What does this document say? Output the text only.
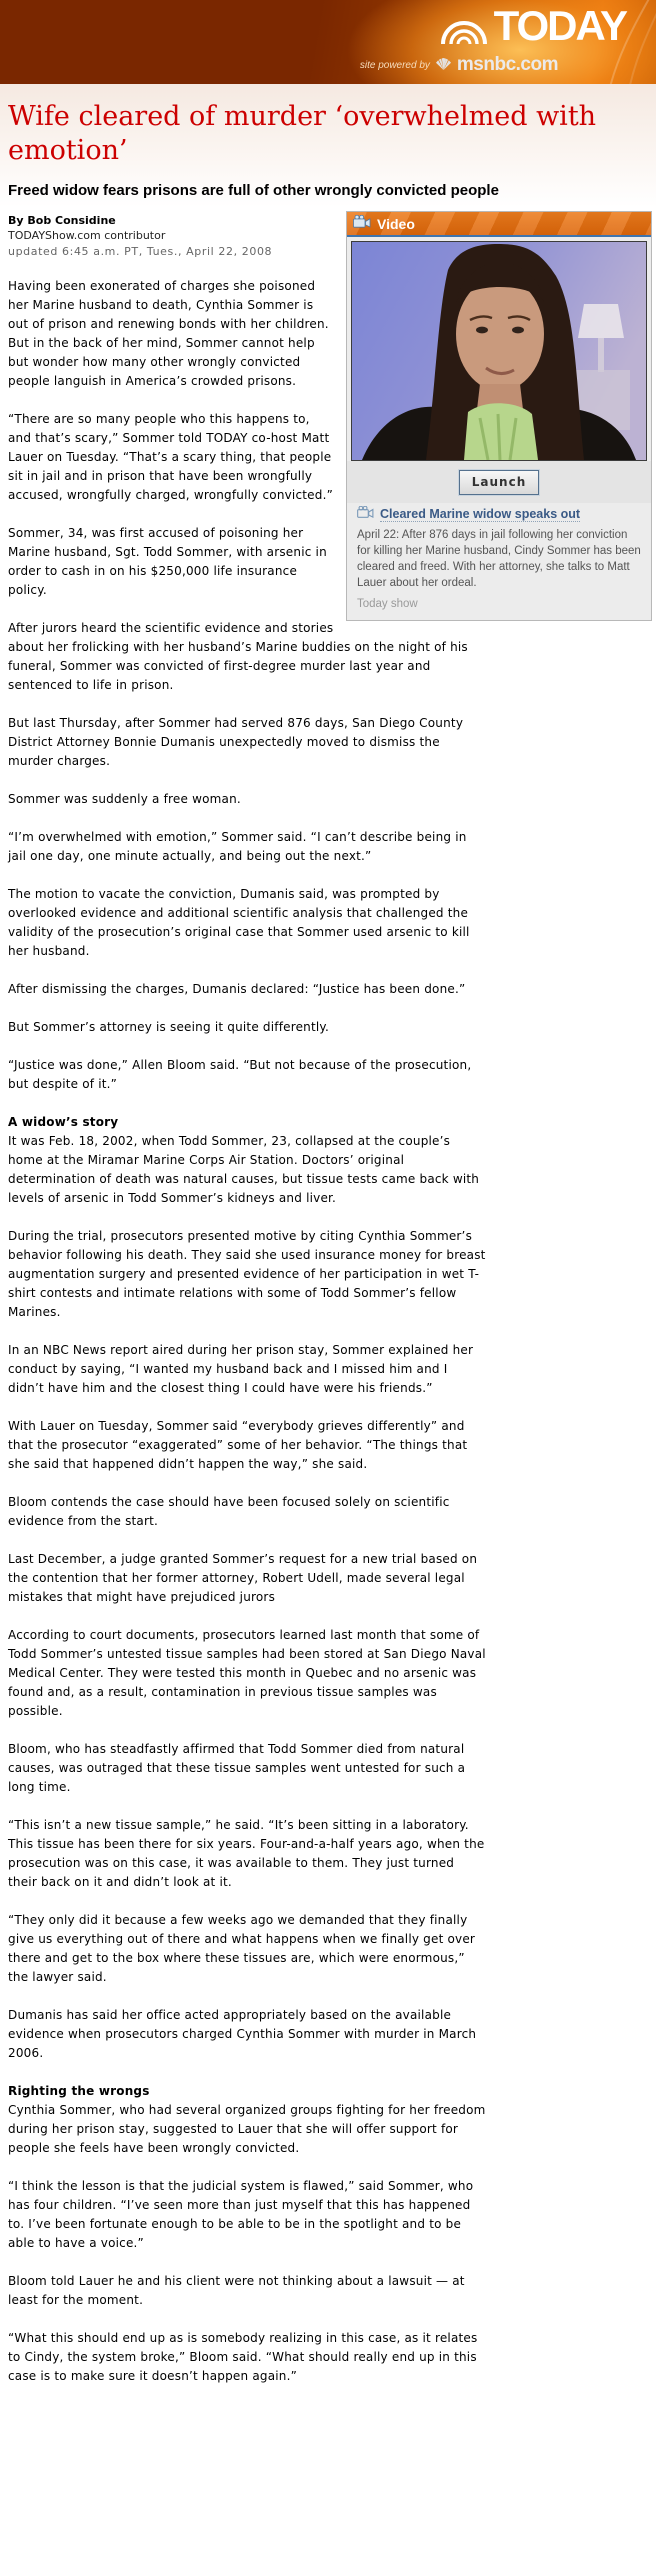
TODAY
site powered by msnbc.com
Wife cleared of murder ‘overwhelmed with emotion’
Freed widow fears prisons are full of other wrongly convicted people
Video
Launch
Cleared Marine widow speaks out

April 22: After 876 days in jail following her conviction for killing her Marine husband, Cindy Sommer has been cleared and freed. With her attorney, she talks to Matt Lauer about her ordeal.

Today show
By Bob Considine
TODAYShow.com contributor
updated 6:45 a.m. PT, Tues., April 22, 2008

Having been exonerated of charges she poisoned her Marine husband to death, Cynthia Sommer is out of prison and renewing bonds with her children. But in the back of her mind, Sommer cannot help but wonder how many other wrongly convicted people languish in America’s crowded prisons.

“There are so many people who this happens to, and that’s scary,” Sommer told TODAY co-host Matt Lauer on Tuesday. “That’s a scary thing, that people sit in jail and in prison that have been wrongfully accused, wrongfully charged, wrongfully convicted.”

Sommer, 34, was first accused of poisoning her Marine husband, Sgt. Todd Sommer, with arsenic in order to cash in on his $250,000 life insurance policy.

After jurors heard the scientific evidence and stories about her frolicking with her husband’s Marine buddies on the night of his funeral, Sommer was convicted of first-degree murder last year and sentenced to life in prison.

But last Thursday, after Sommer had served 876 days, San Diego County District Attorney Bonnie Dumanis unexpectedly moved to dismiss the murder charges.

Sommer was suddenly a free woman.

“I’m overwhelmed with emotion,” Sommer said. “I can’t describe being in jail one day, one minute actually, and being out the next.”

The motion to vacate the conviction, Dumanis said, was prompted by overlooked evidence and additional scientific analysis that challenged the validity of the prosecution’s original case that Sommer used arsenic to kill her husband.

After dismissing the charges, Dumanis declared: “Justice has been done.”

But Sommer’s attorney is seeing it quite differently.

“Justice was done,” Allen Bloom said. “But not because of the prosecution, but despite of it.”

A widow’s story

It was Feb. 18, 2002, when Todd Sommer, 23, collapsed at the couple’s home at the Miramar Marine Corps Air Station. Doctors’ original determination of death was natural causes, but tissue tests came back with levels of arsenic in Todd Sommer’s kidneys and liver.

During the trial, prosecutors presented motive by citing Cynthia Sommer’s behavior following his death. They said she used insurance money for breast augmentation surgery and presented evidence of her participation in wet T-shirt contests and intimate relations with some of Todd Sommer’s fellow Marines.

In an NBC News report aired during her prison stay, Sommer explained her conduct by saying, “I wanted my husband back and I missed him and I didn’t have him and the closest thing I could have were his friends.”

With Lauer on Tuesday, Sommer said “everybody grieves differently” and that the prosecutor “exaggerated” some of her behavior. “The things that she said that happened didn’t happen the way,” she said.

Bloom contends the case should have been focused solely on scientific evidence from the start.

Last December, a judge granted Sommer’s request for a new trial based on the contention that her former attorney, Robert Udell, made several legal mistakes that might have prejudiced jurors

According to court documents, prosecutors learned last month that some of Todd Sommer’s untested tissue samples had been stored at San Diego Naval Medical Center. They were tested this month in Quebec and no arsenic was found and, as a result, contamination in previous tissue samples was possible.

Bloom, who has steadfastly affirmed that Todd Sommer died from natural causes, was outraged that these tissue samples went untested for such a long time.

“This isn’t a new tissue sample,” he said. “It’s been sitting in a laboratory. This tissue has been there for six years. Four-and-a-half years ago, when the prosecution was on this case, it was available to them. They just turned their back on it and didn’t look at it.

“They only did it because a few weeks ago we demanded that they finally give us everything out of there and what happens when we finally get over there and get to the box where these tissues are, which were enormous,” the lawyer said.

Dumanis has said her office acted appropriately based on the available evidence when prosecutors charged Cynthia Sommer with murder in March 2006.

Righting the wrongs

Cynthia Sommer, who had several organized groups fighting for her freedom during her prison stay, suggested to Lauer that she will offer support for people she feels have been wrongly convicted.

“I think the lesson is that the judicial system is flawed,” said Sommer, who has four children. “I’ve seen more than just myself that this has happened to. I’ve been fortunate enough to be able to be in the spotlight and to be able to have a voice.”

Bloom told Lauer he and his client were not thinking about a lawsuit — at least for the moment.

“What this should end up as is somebody realizing in this case, as it relates to Cindy, the system broke,” Bloom said. “What should really end up in this case is to make sure it doesn’t happen again.”
